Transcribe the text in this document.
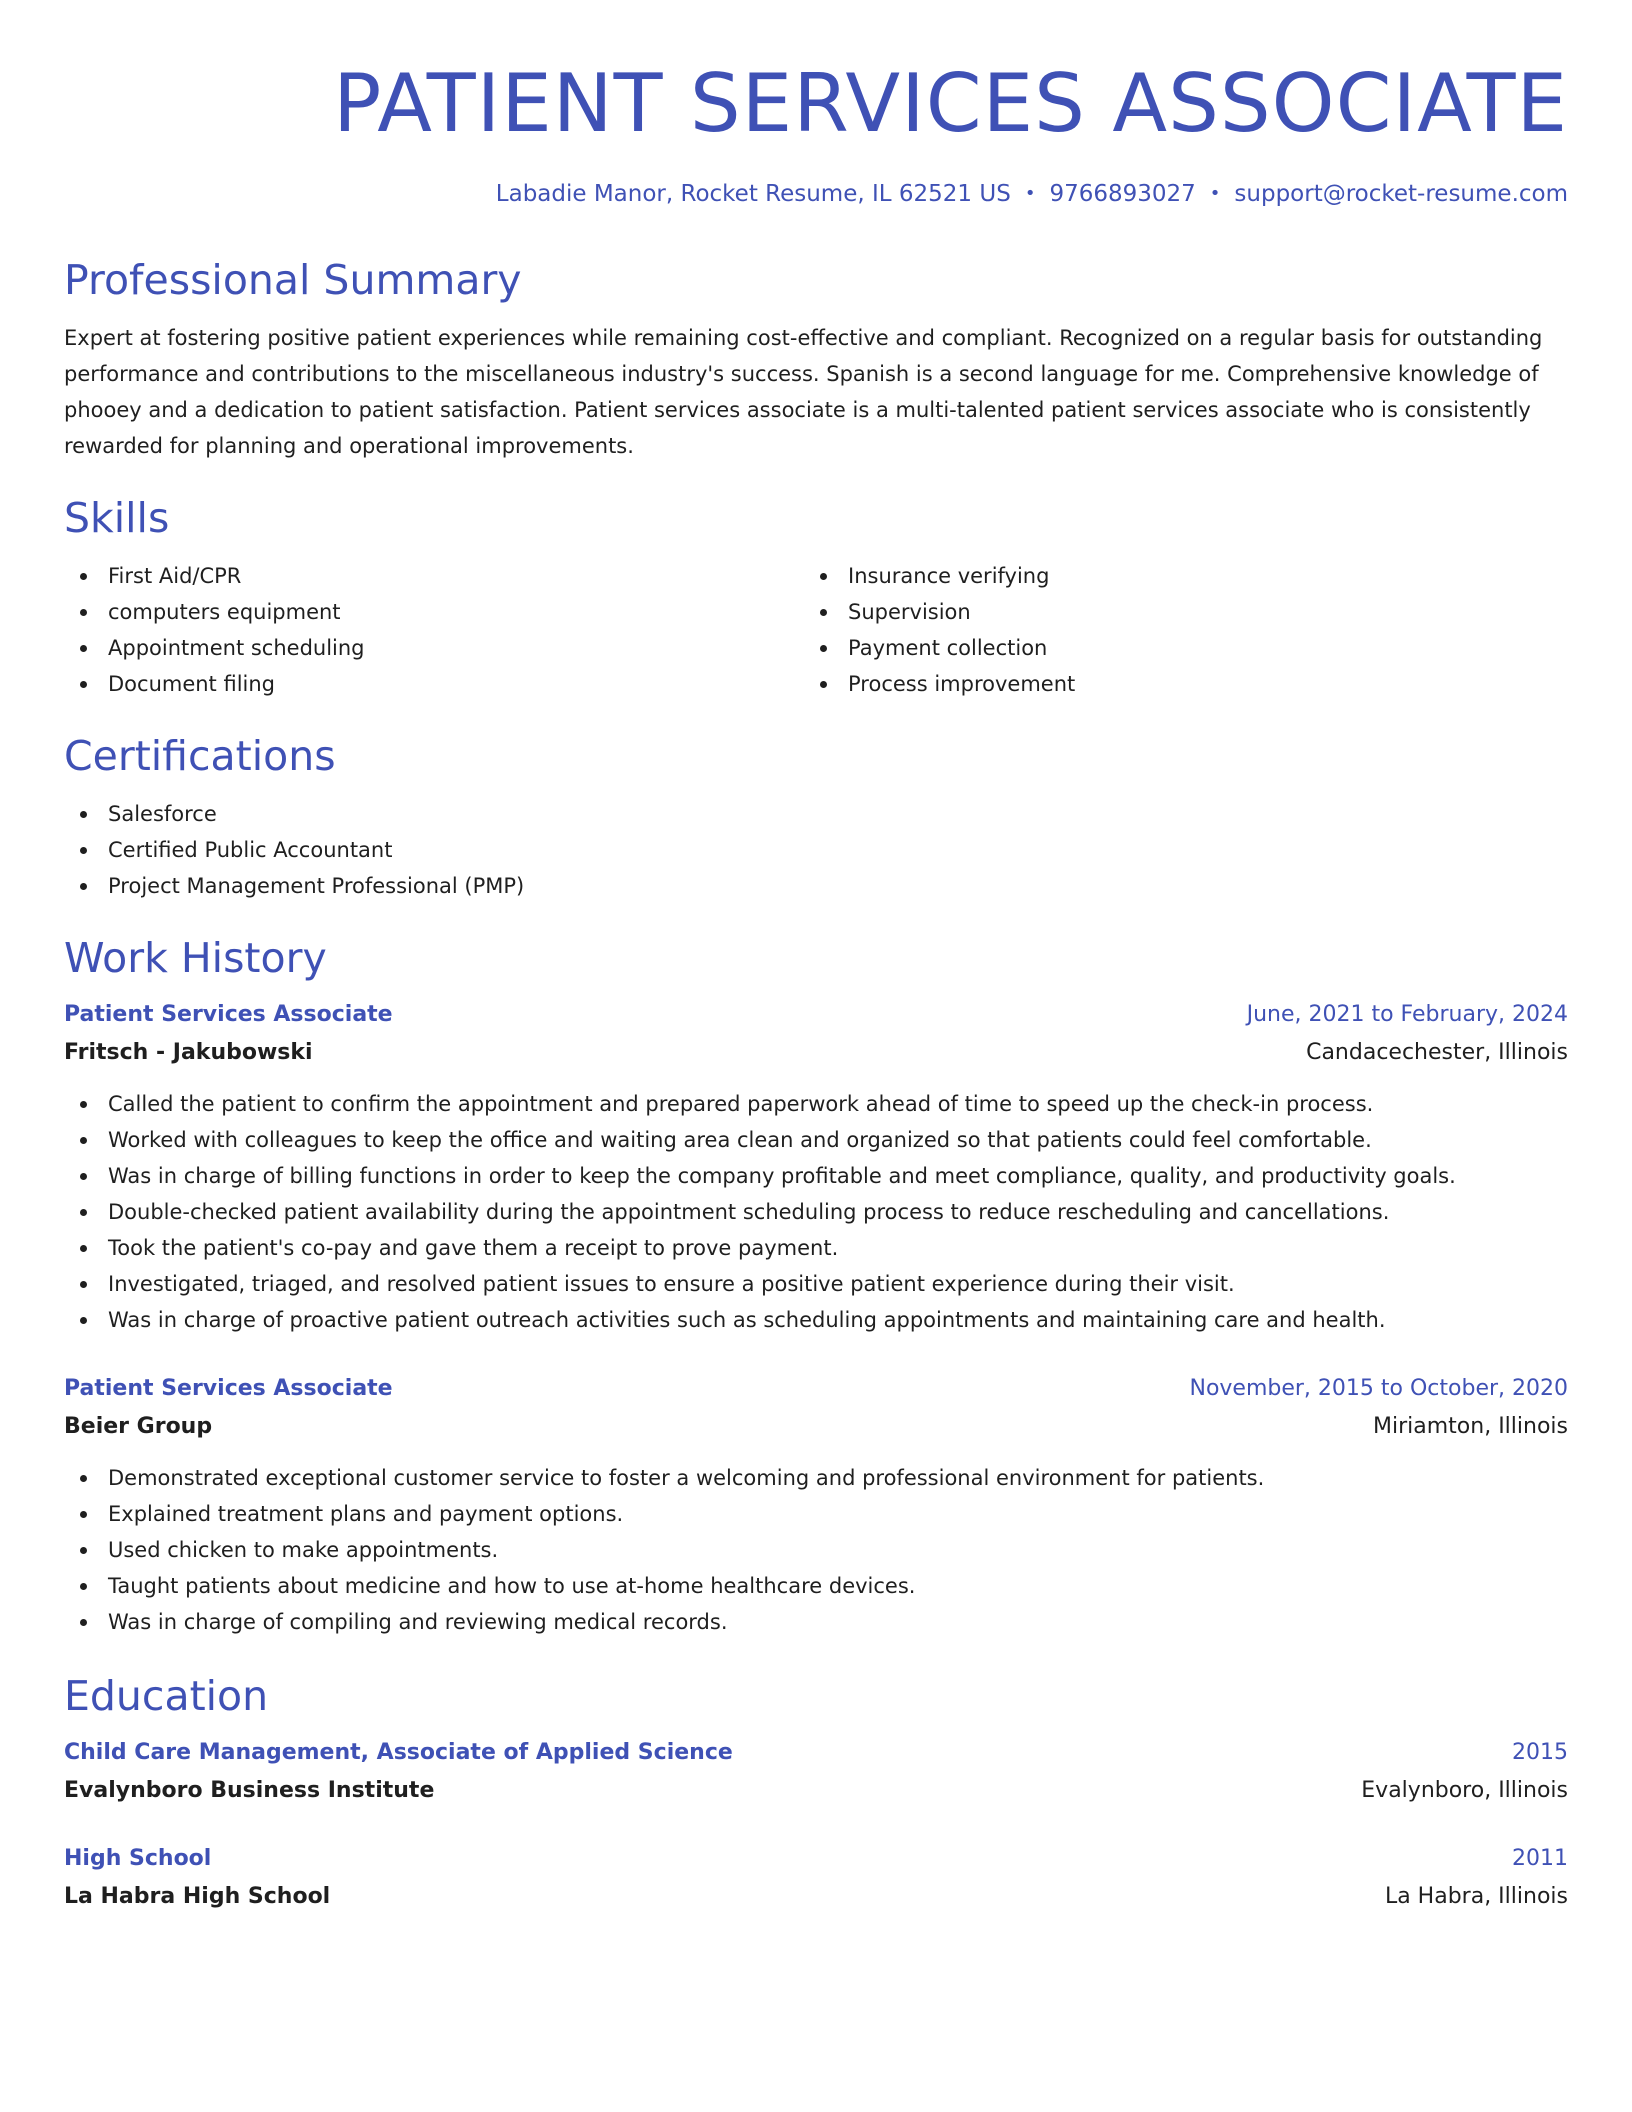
PATIENT SERVICES ASSOCIATE
Labadie Manor, Rocket Resume, IL 62521 US • 9766893027 • support@rocket-resume.com
Professional Summary

Expert at fostering positive patient experiences while remaining cost-effective and compliant. Recognized on a regular basis for outstanding performance and contributions to the miscellaneous industry's success. Spanish is a second language for me. Comprehensive knowledge of phooey and a dedication to patient satisfaction. Patient services associate is a multi-talented patient services associate who is consistently rewarded for planning and operational improvements.

Skills
First Aid/CPR
computers equipment
Appointment scheduling
Document filing
Insurance verifying
Supervision
Payment collection
Process improvement
Certifications
Salesforce
Certified Public Accountant
Project Management Professional (PMP)
Work History
Patient Services Associate	June, 2021 to February, 2024
Fritsch - Jakubowski	Candacechester, Illinois
Called the patient to confirm the appointment and prepared paperwork ahead of time to speed up the check-in process.
Worked with colleagues to keep the office and waiting area clean and organized so that patients could feel comfortable.
Was in charge of billing functions in order to keep the company profitable and meet compliance, quality, and productivity goals.
Double-checked patient availability during the appointment scheduling process to reduce rescheduling and cancellations.
Took the patient's co-pay and gave them a receipt to prove payment.
Investigated, triaged, and resolved patient issues to ensure a positive patient experience during their visit.
Was in charge of proactive patient outreach activities such as scheduling appointments and maintaining care and health.
Patient Services Associate	November, 2015 to October, 2020
Beier Group	Miriamton, Illinois
Demonstrated exceptional customer service to foster a welcoming and professional environment for patients.
Explained treatment plans and payment options.
Used chicken to make appointments.
Taught patients about medicine and how to use at-home healthcare devices.
Was in charge of compiling and reviewing medical records.
Education
Child Care Management, Associate of Applied Science	2015
Evalynboro Business Institute	Evalynboro, Illinois
High School	2011
La Habra High School	La Habra, Illinois
